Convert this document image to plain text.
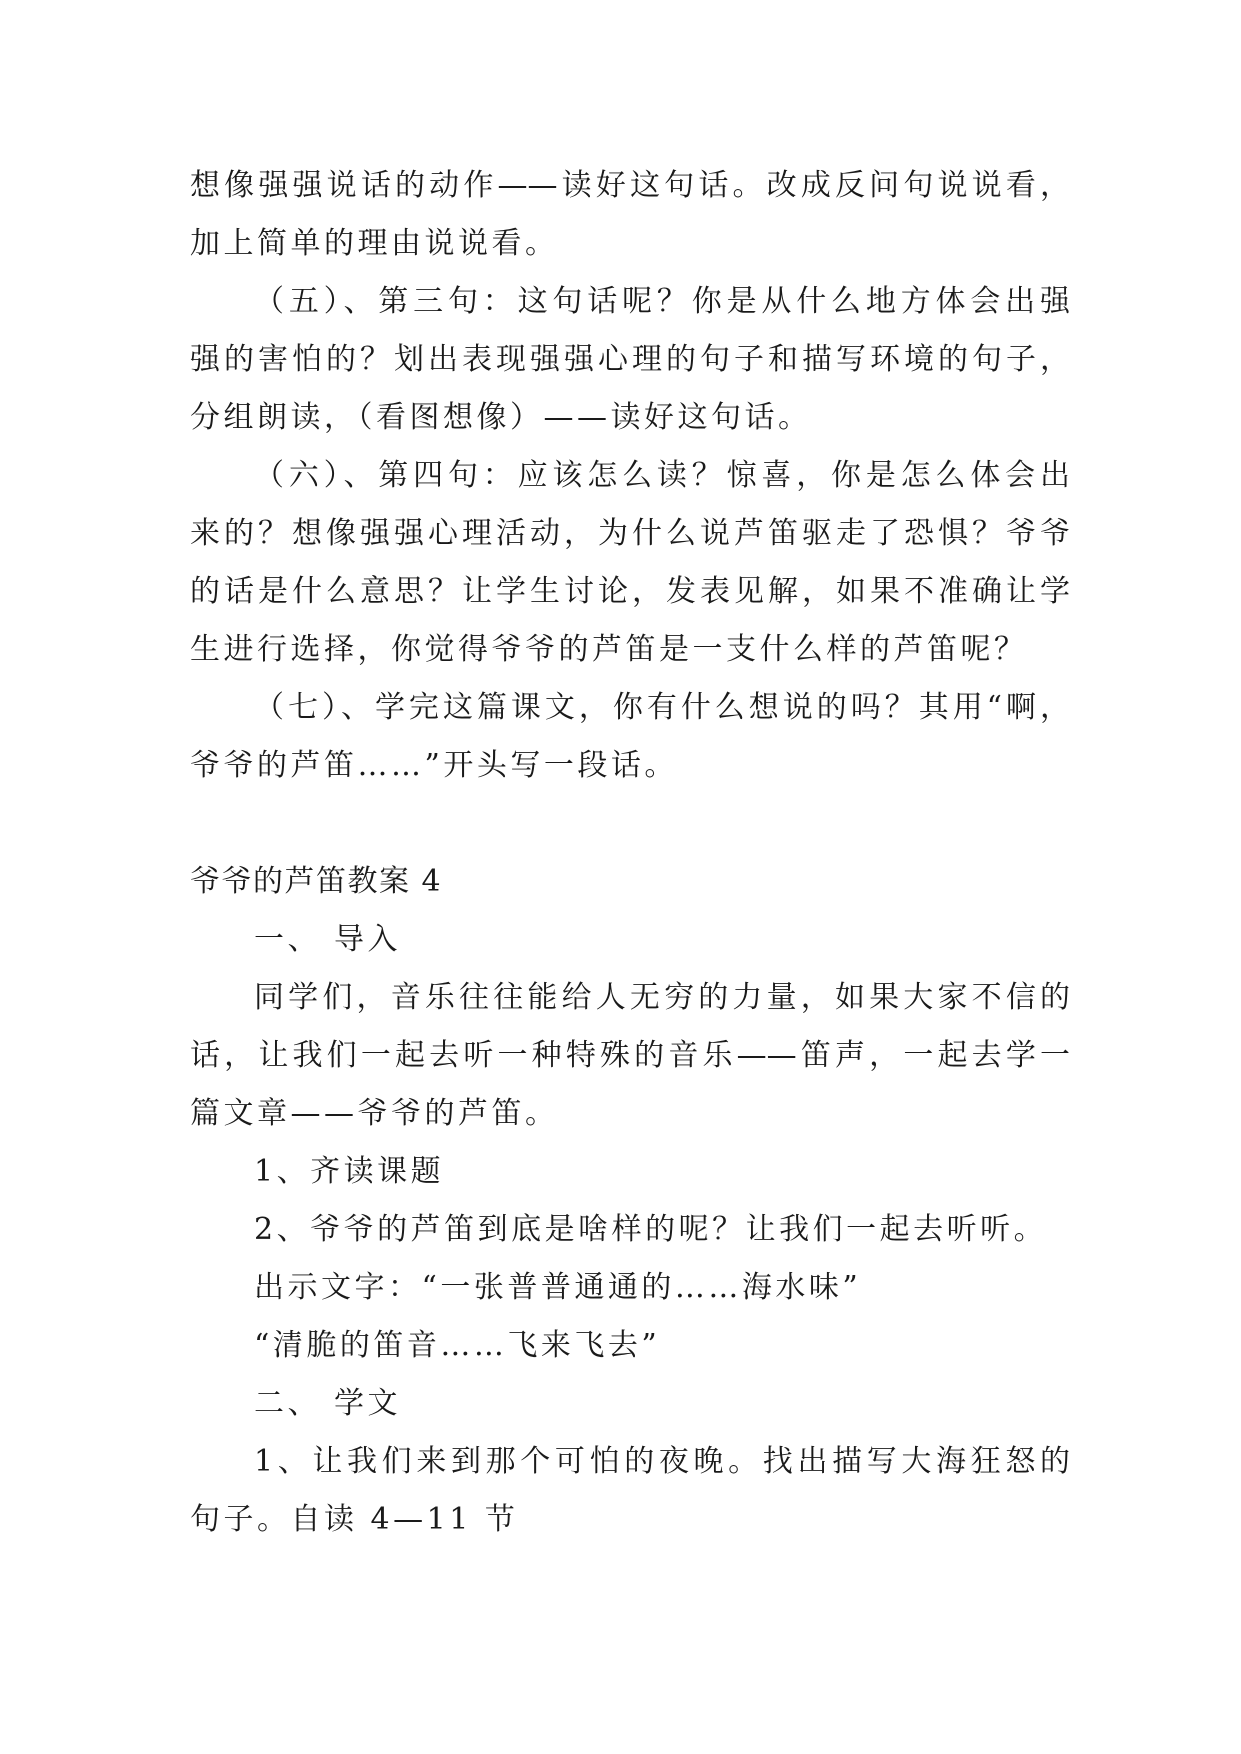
想像强强说话的动作——读好这句话。改成反问句说说看，
加上简单的理由说说看。
（五）、第三句：这句话呢？你是从什么地方体会出强
强的害怕的？划出表现强强心理的句子和描写环境的句子，
分组朗读，（看图想像）——读好这句话。
（六）、第四句：应该怎么读？惊喜，你是怎么体会出
来的？想像强强心理活动，为什么说芦笛驱走了恐惧？爷爷
的话是什么意思？让学生讨论，发表见解，如果不准确让学
生进行选择，你觉得爷爷的芦笛是一支什么样的芦笛呢？
（七）、学完这篇课文，你有什么想说的吗？其用“啊，
爷爷的芦笛……”开头写一段话。
爷爷的芦笛教案 4
一、 导入
同学们，音乐往往能给人无穷的力量，如果大家不信的
话，让我们一起去听一种特殊的音乐——笛声，一起去学一
篇文章——爷爷的芦笛。
1、齐读课题
2、爷爷的芦笛到底是啥样的呢？让我们一起去听听。
出示文字：“一张普普通通的……海水味”
“清脆的笛音……飞来飞去”
二、 学文
1、让我们来到那个可怕的夜晚。找出描写大海狂怒的
句子。自读 4—11 节
